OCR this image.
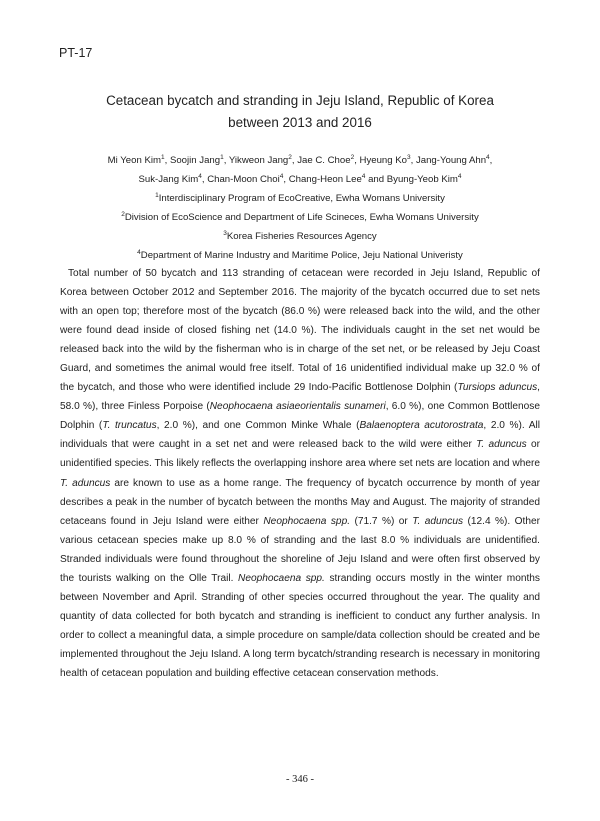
PT-17
Cetacean bycatch and stranding in Jeju Island, Republic of Korea
between 2013 and 2016
Mi Yeon Kim$^1$, Soojin Jang$^1$, Yikweon Jang$^2$, Jae C. Choe$^2$, Hyeung Ko$^3$, Jang-Young Ahn$^4$,
Suk-Jang Kim$^4$, Chan-Moon Choi$^4$, Chang-Heon Lee$^4$ and Byung-Yeob Kim$^4$
$^1$Interdisciplinary Program of EcoCreative, Ewha Womans University
$^2$Division of EcoScience and Department of Life Scineces, Ewha Womans University
$^3$Korea Fisheries Resources Agency
$^4$Department of Marine Industry and Maritime Police, Jeju National Univeristy

Total number of 50 bycatch and 113 stranding of cetacean were recorded in Jeju Island, Republic of Korea between October 2012 and September 2016. The majority of the bycatch occurred due to set nets with an open top; therefore most of the bycatch (86.0 %) were released back into the wild, and the other were found dead inside of closed fishing net (14.0 %). The individuals caught in the set net would be released back into the wild by the fisherman who is in charge of the set net, or be released by Jeju Coast Guard, and sometimes the animal would free itself. Total of 16 unidentified individual make up 32.0 % of the bycatch, and those who were identified include 29 Indo-Pacific Bottlenose Dolphin (Tursiops aduncus, 58.0 %), three Finless Porpoise (Neophocaena asiaeorientalis sunameri, 6.0 %), one Common Bottlenose Dolphin (T. truncatus, 2.0 %), and one Common Minke Whale (Balaenoptera acutorostrata, 2.0 %). All individuals that were caught in a set net and were released back to the wild were either T. aduncus or unidentified species. This likely reflects the overlapping inshore area where set nets are location and where T. aduncus are known to use as a home range. The frequency of bycatch occurrence by month of year describes a peak in the number of bycatch between the months May and August. The majority of stranded cetaceans found in Jeju Island were either Neophocaena spp. (71.7 %) or T. aduncus (12.4 %). Other various cetacean species make up 8.0 % of stranding and the last 8.0 % individuals are unidentified. Stranded individuals were found throughout the shoreline of Jeju Island and were often first observed by the tourists walking on the Olle Trail. Neophocaena spp. stranding occurs mostly in the winter months between November and April. Stranding of other species occurred throughout the year. The quality and quantity of data collected for both bycatch and stranding is inefficient to conduct any further analysis. In order to collect a meaningful data, a simple procedure on sample/data collection should be created and be implemented throughout the Jeju Island. A long term bycatch/stranding research is necessary in monitoring health of cetacean population and building effective cetacean conservation methods.

- 346 -
